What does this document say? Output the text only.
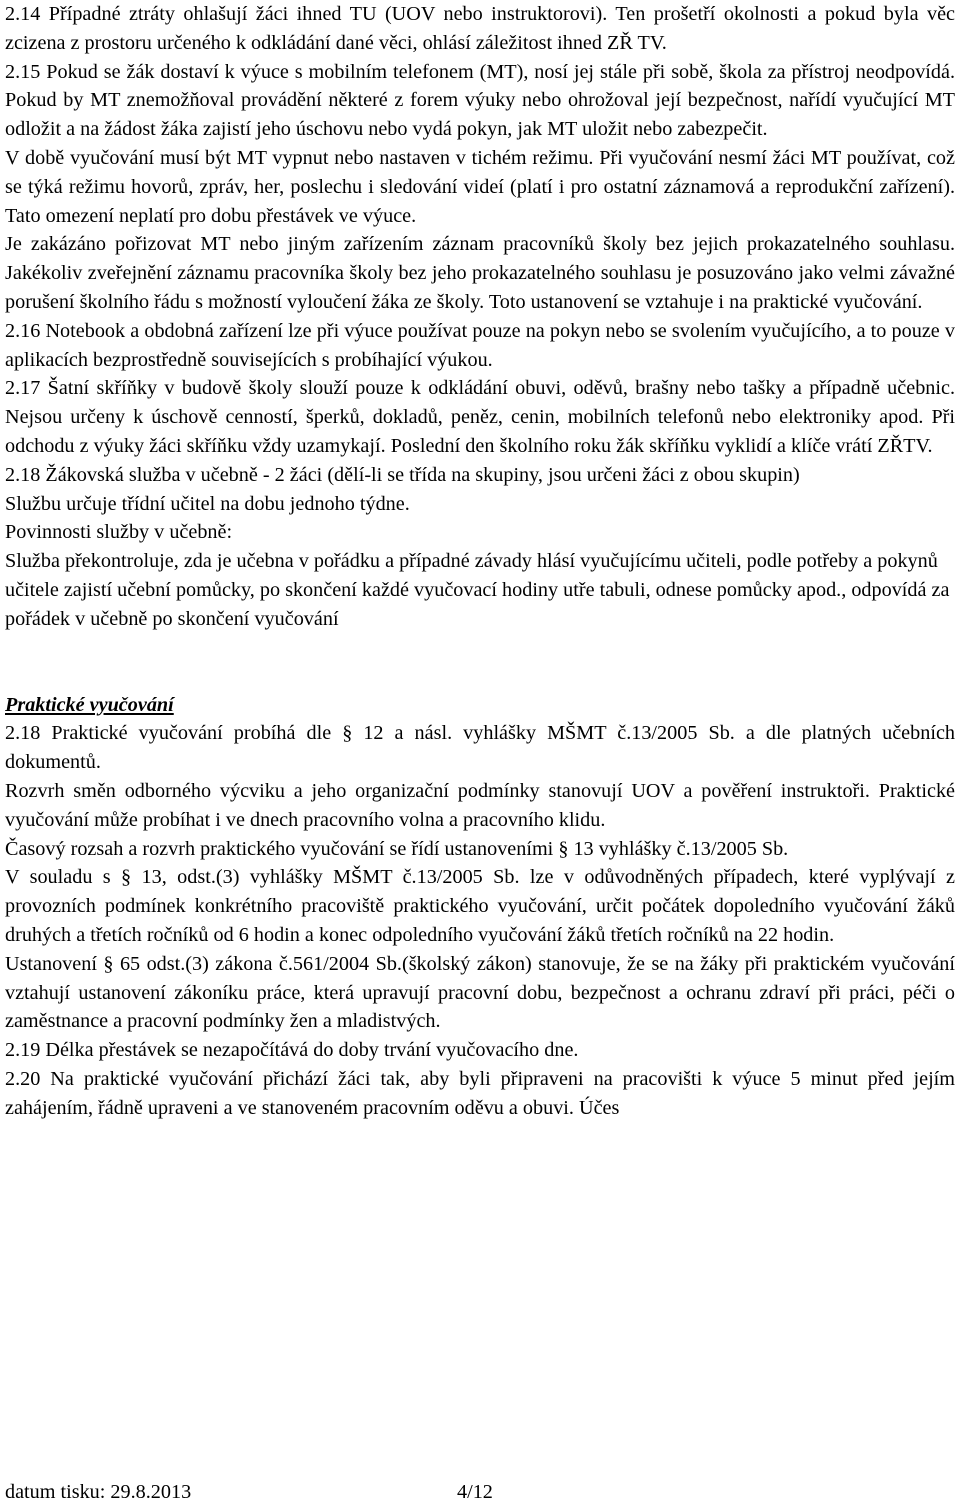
2.14 Případné ztráty ohlašují žáci ihned TU (UOV nebo instruktorovi). Ten prošetří okolnosti a pokud byla věc zcizena z prostoru určeného k odkládání dané věci, ohlásí záležitost ihned ZŘ TV.

2.15 Pokud se žák dostaví k výuce s mobilním telefonem (MT), nosí jej stále při sobě, škola za přístroj neodpovídá. Pokud by MT znemožňoval provádění některé z forem výuky nebo ohrožoval její bezpečnost, nařídí vyučující MT odložit a na žádost žáka zajistí jeho úschovu nebo vydá pokyn, jak MT uložit nebo zabezpečit.

V době vyučování musí být MT vypnut nebo nastaven v tichém režimu. Při vyučování nesmí žáci MT používat, což se týká režimu hovorů, zpráv, her, poslechu i sledování videí (platí i pro ostatní záznamová a reprodukční zařízení). Tato omezení neplatí pro dobu přestávek ve výuce.

Je zakázáno pořizovat MT nebo jiným zařízením záznam pracovníků školy bez jejich prokazatelného souhlasu. Jakékoliv zveřejnění záznamu pracovníka školy bez jeho prokazatelného souhlasu je posuzováno jako velmi závažné porušení školního řádu s možností vyloučení žáka ze školy. Toto ustanovení se vztahuje i na praktické vyučování.

2.16 Notebook a obdobná zařízení lze při výuce používat pouze na pokyn nebo se svolením vyučujícího, a to pouze v aplikacích bezprostředně souvisejících s probíhající výukou.

2.17 Šatní skříňky v budově školy slouží pouze k odkládání obuvi, oděvů, brašny nebo tašky a případně učebnic. Nejsou určeny k úschově cenností, šperků, dokladů, peněz, cenin, mobilních telefonů nebo elektroniky apod. Při odchodu z výuky žáci skříňku vždy uzamykají. Poslední den školního roku žák skříňku vyklidí a klíče vrátí ZŘTV.

2.18 Žákovská služba v učebně - 2 žáci (dělí-li se třída na skupiny, jsou určeni žáci z obou skupin)

Službu určuje třídní učitel na dobu jednoho týdne.

Povinnosti služby v učebně:

Služba překontroluje, zda je učebna v pořádku a případné závady hlásí vyučujícímu učiteli, podle potřeby a pokynů učitele zajistí učební pomůcky, po skončení každé vyučovací hodiny utře tabuli, odnese pomůcky apod., odpovídá za pořádek v učebně po skončení vyučování

Praktické vyučování

2.18 Praktické vyučování probíhá dle § 12 a násl. vyhlášky MŠMT č.13/2005 Sb. a dle platných učebních dokumentů.

Rozvrh směn odborného výcviku a jeho organizační podmínky stanovují UOV a pověření instruktoři. Praktické vyučování může probíhat i ve dnech pracovního volna a pracovního klidu.

Časový rozsah a rozvrh praktického vyučování se řídí ustanoveními § 13 vyhlášky č.13/2005 Sb.

V souladu s § 13, odst.(3) vyhlášky MŠMT č.13/2005 Sb. lze v odůvodněných případech, které vyplývají z provozních podmínek konkrétního pracoviště praktického vyučování, určit počátek dopoledního vyučování žáků druhých a třetích ročníků od 6 hodin a konec odpoledního vyučování žáků třetích ročníků na 22 hodin.

Ustanovení § 65 odst.(3) zákona č.561/2004 Sb.(školský zákon) stanovuje, že se na žáky při praktickém vyučování vztahují ustanovení zákoníku práce, která upravují pracovní dobu, bezpečnost a ochranu zdraví při práci, péči o zaměstnance a pracovní podmínky žen a mladistvých.

2.19 Délka přestávek se nezapočítává do doby trvání vyučovacího dne.

2.20 Na praktické vyučování přichází žáci tak, aby byli připraveni na pracovišti k výuce 5 minut před jejím zahájením, řádně upraveni a ve stanoveném pracovním oděvu a obuvi. Účes

datum tisku: 29.8.2013	4/12
